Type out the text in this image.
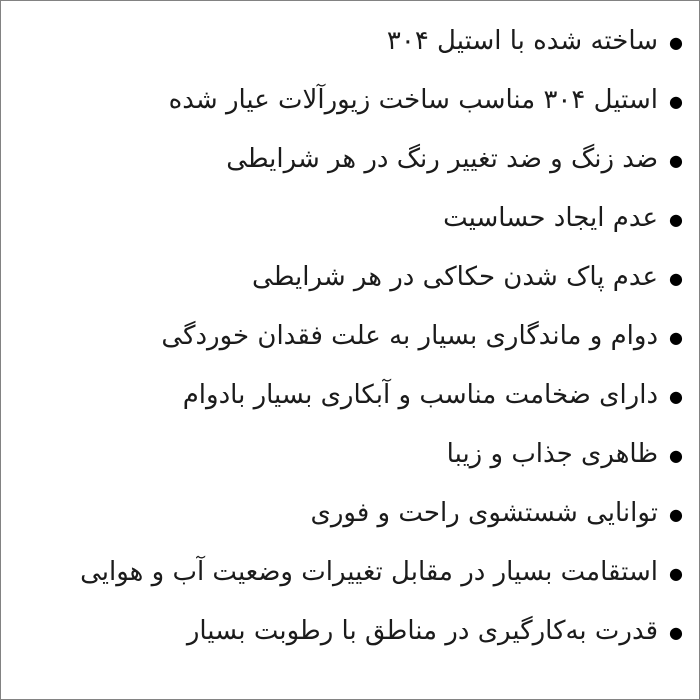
●
ساخته شده با استیل ۳۰۴
●
استیل ۳۰۴ مناسب ساخت زیورآلات عیار شده
●
ضد زنگ و ضد تغییر رنگ در هر شرایطی
●
عدم ایجاد حساسیت
●
عدم پاک شدن حکاکی در هر شرایطی
●
دوام و ماندگاری بسیار به علت فقدان خوردگی
●
دارای ضخامت مناسب و آبکاری بسیار بادوام
●
ظاهری جذاب و زیبا
●
توانایی شستشوی راحت و فوری
●
استقامت بسیار در مقابل تغییرات وضعیت آب و هوایی
●
قدرت به‌کارگیری در مناطق با رطوبت بسیار
